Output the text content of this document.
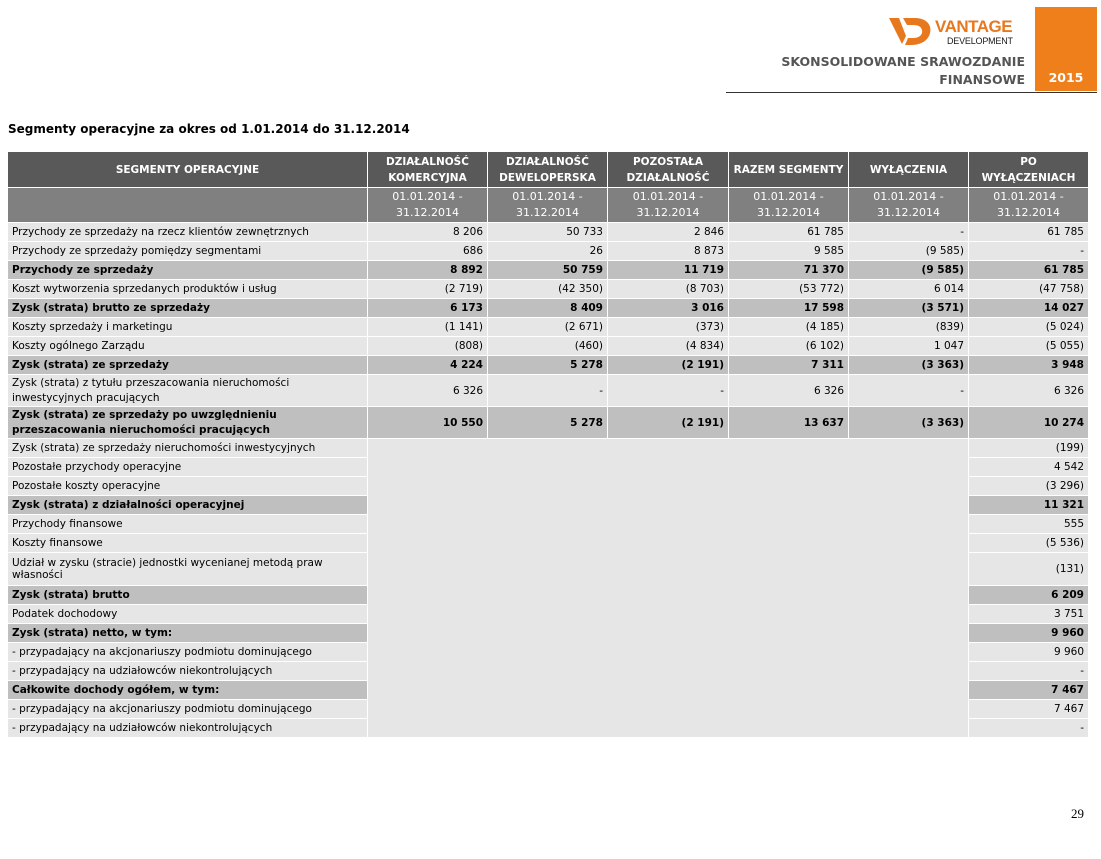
VANTAGE
DEVELOPMENT
SKONSOLIDOWANE SRAWOZDANIE
FINANSOWE	2015
Segmenty operacyjne za okres od 1.01.2014 do 31.12.2014
SEGMENTY OPERACYJNE	DZIAŁALNOŚĆ KOMERCYJNA	DZIAŁALNOŚĆ DEWELOPERSKA	POZOSTAŁA DZIAŁALNOŚĆ	RAZEM SEGMENTY	WYŁĄCZENIA	PO WYŁĄCZENIACH
	01.01.2014 - 31.12.2014	01.01.2014 - 31.12.2014	01.01.2014 - 31.12.2014	01.01.2014 - 31.12.2014	01.01.2014 - 31.12.2014	01.01.2014 - 31.12.2014
Przychody ze sprzedaży na rzecz klientów zewnętrznych	8 206	50 733	2 846	61 785	-	61 785
Przychody ze sprzedaży pomiędzy segmentami	686	26	8 873	9 585	(9 585)	-
Przychody ze sprzedaży	8 892	50 759	11 719	71 370	(9 585)	61 785
Koszt wytworzenia sprzedanych produktów i usług	(2 719)	(42 350)	(8 703)	(53 772)	6 014	(47 758)
Zysk (strata) brutto ze sprzedaży	6 173	8 409	3 016	17 598	(3 571)	14 027
Koszty sprzedaży i marketingu	(1 141)	(2 671)	(373)	(4 185)	(839)	(5 024)
Koszty ogólnego Zarządu	(808)	(460)	(4 834)	(6 102)	1 047	(5 055)
Zysk (strata) ze sprzedaży	4 224	5 278	(2 191)	7 311	(3 363)	3 948
Zysk (strata) z tytułu przeszacowania nieruchomości inwestycyjnych pracujących	6 326	-	-	6 326	-	6 326
Zysk (strata) ze sprzedaży po uwzględnieniu przeszacowania nieruchomości pracujących	10 550	5 278	(2 191)	13 637	(3 363)	10 274
Zysk (strata) ze sprzedaży nieruchomości inwestycyjnych						(199)
Pozostałe przychody operacyjne						4 542
Pozostałe koszty operacyjne						(3 296)
Zysk (strata) z działalności operacyjnej						11 321
Przychody finansowe						555
Koszty finansowe						(5 536)
Udział w zysku (stracie) jednostki wycenianej metodą praw własności						(131)
Zysk (strata) brutto						6 209
Podatek dochodowy						3 751
Zysk (strata) netto, w tym:						9 960
- przypadający na akcjonariuszy podmiotu dominującego						9 960
- przypadający na udziałowców niekontrolujących						-
Całkowite dochody ogółem, w tym:						7 467
- przypadający na akcjonariuszy podmiotu dominującego						7 467
- przypadający na udziałowców niekontrolujących						-
29
